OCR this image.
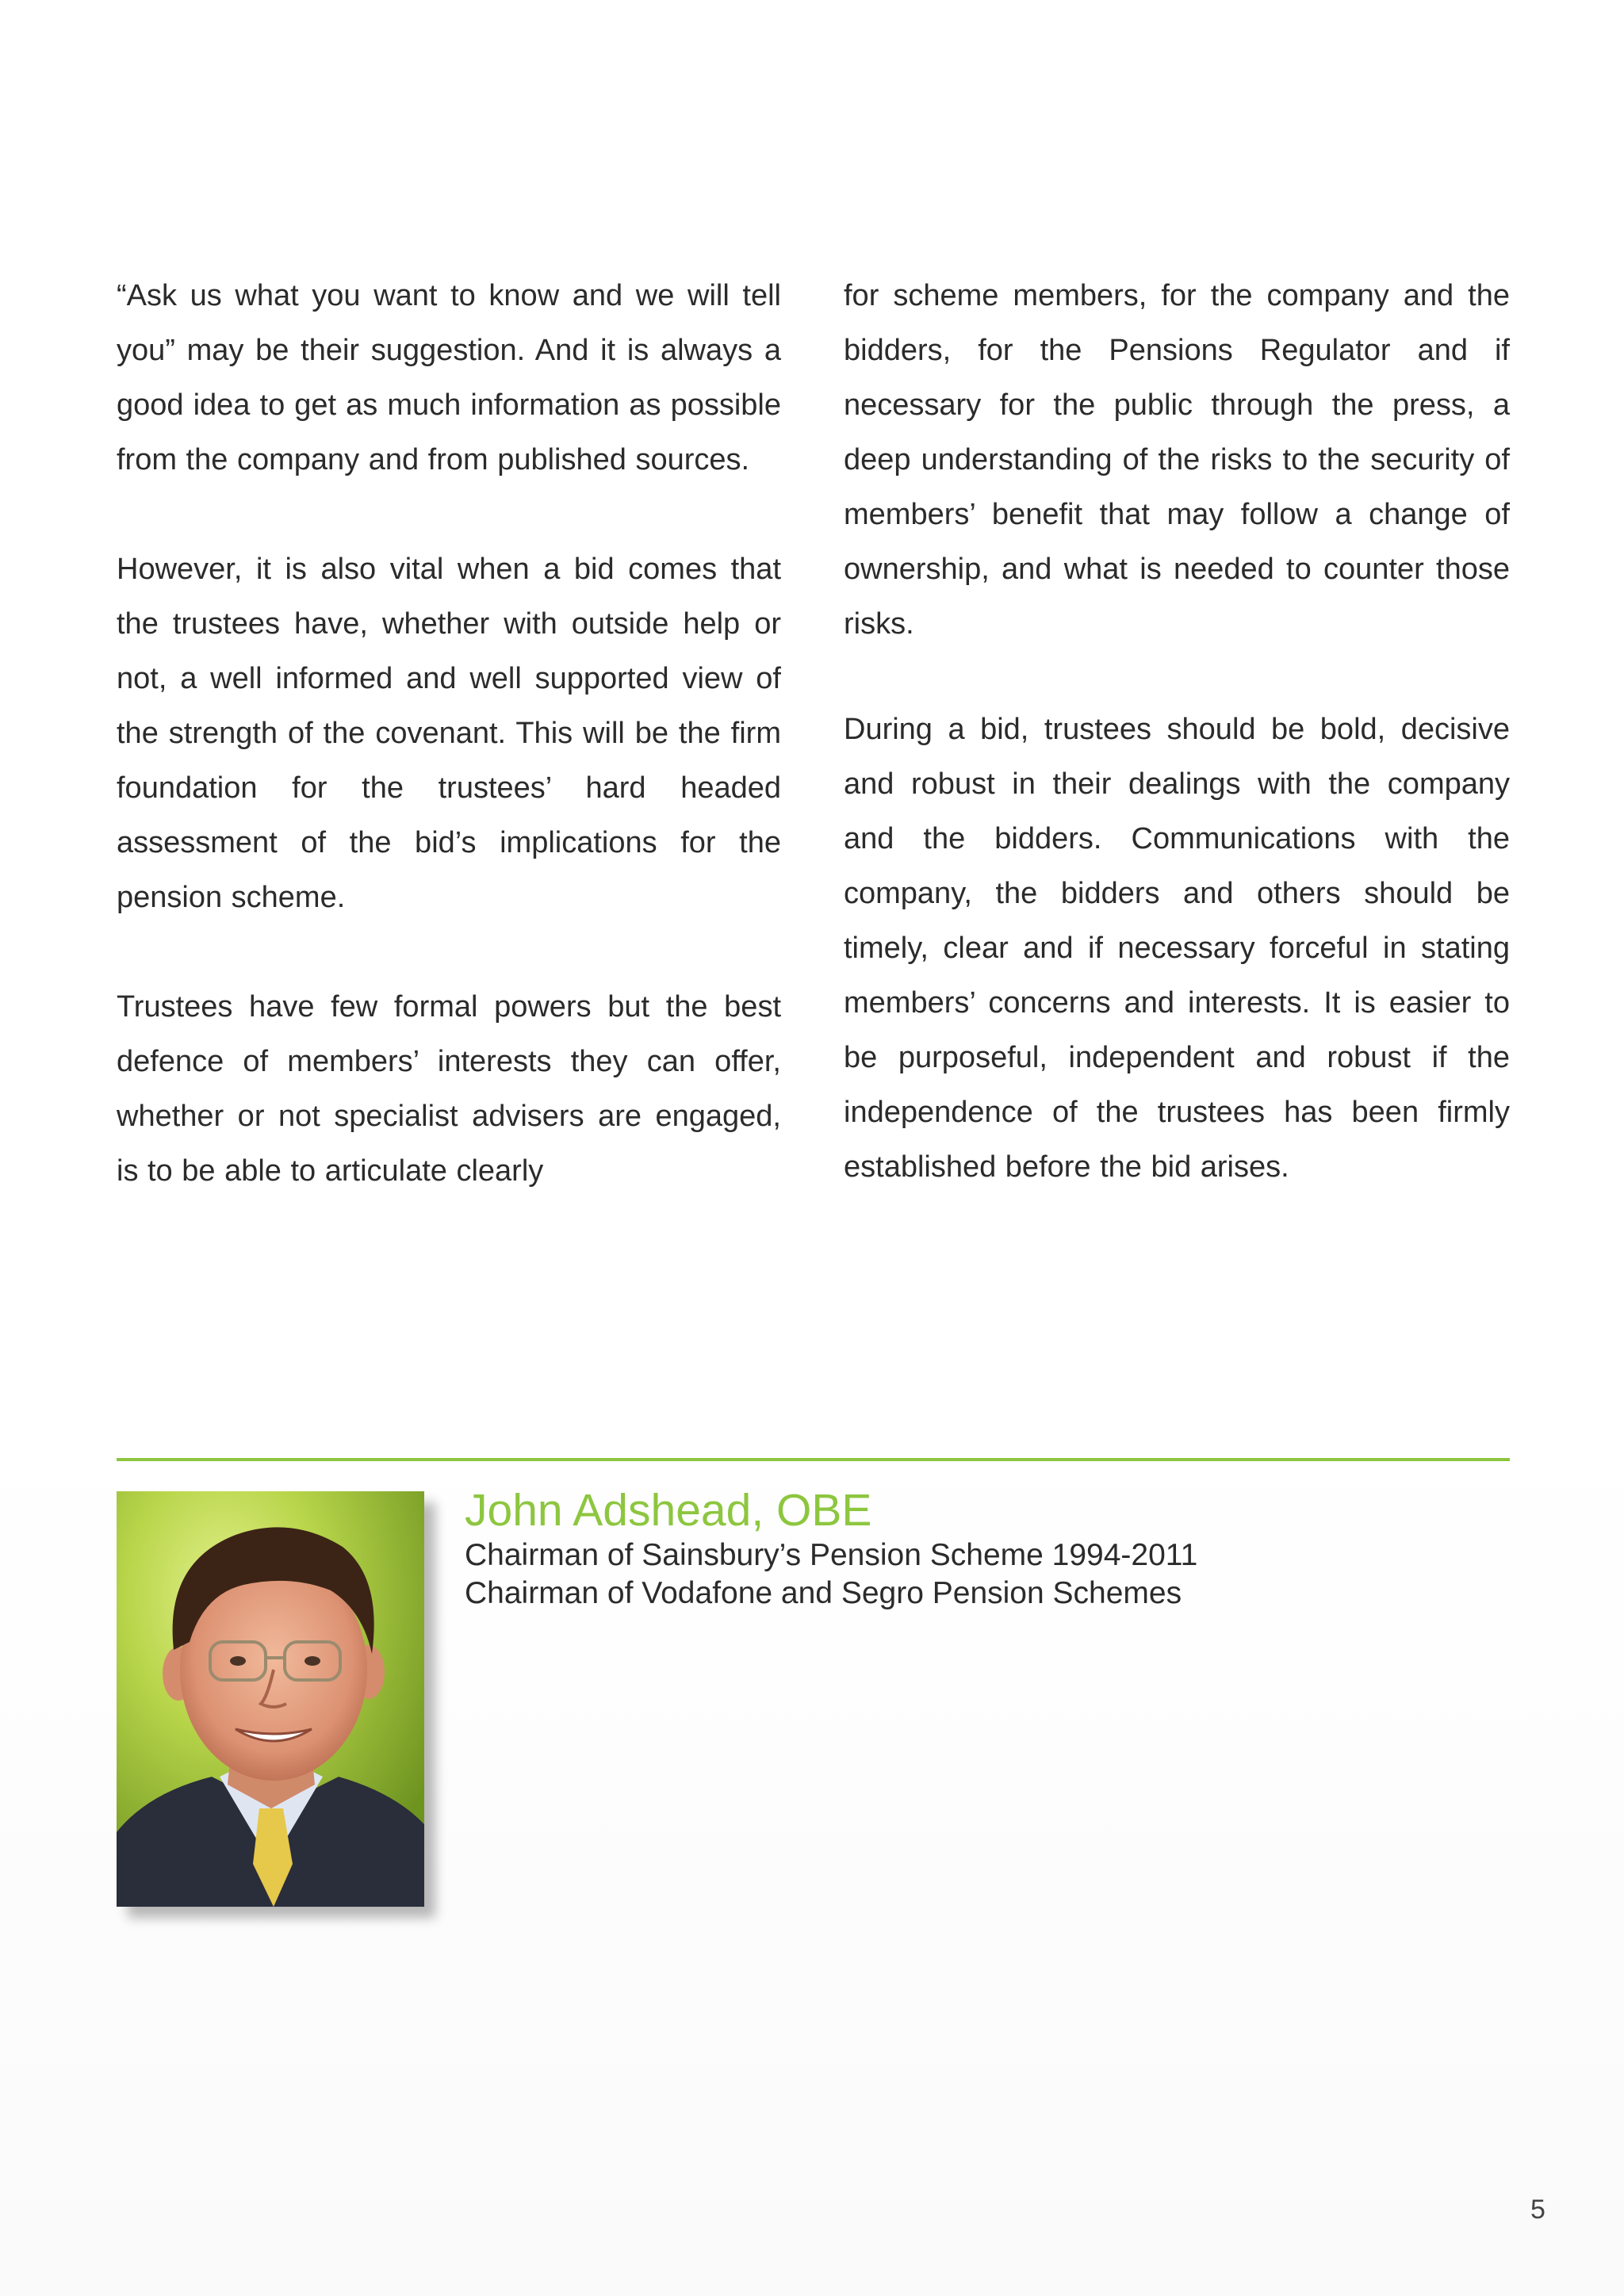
“Ask us what you want to know and we will tell you” may be their suggestion. And it is always a good idea to get as much information as possible from the company and from published sources.

However, it is also vital when a bid comes that the trustees have, whether with outside help or not, a well informed and well supported view of the strength of the covenant. This will be the firm foundation for the trustees’ hard headed assessment of the bid’s implications for the pension scheme.

Trustees have few formal powers but the best defence of members’ interests they can offer, whether or not specialist advisers are engaged, is to be able to articulate clearly

for scheme members, for the company and the bidders, for the Pensions Regulator and if necessary for the public through the press, a deep understanding of the risks to the security of members’ benefit that may follow a change of ownership, and what is needed to counter those risks.

During a bid, trustees should be bold, decisive and robust in their dealings with the company and the bidders. Communications with the company, the bidders and others should be timely, clear and if necessary forceful in stating members’ concerns and interests. It is easier to be purposeful, independent and robust if the independence of the trustees has been firmly established before the bid arises.

John Adshead, OBE

Chairman of Sainsbury’s Pension Scheme 1994-2011

Chairman of Vodafone and Segro Pension Schemes

5
